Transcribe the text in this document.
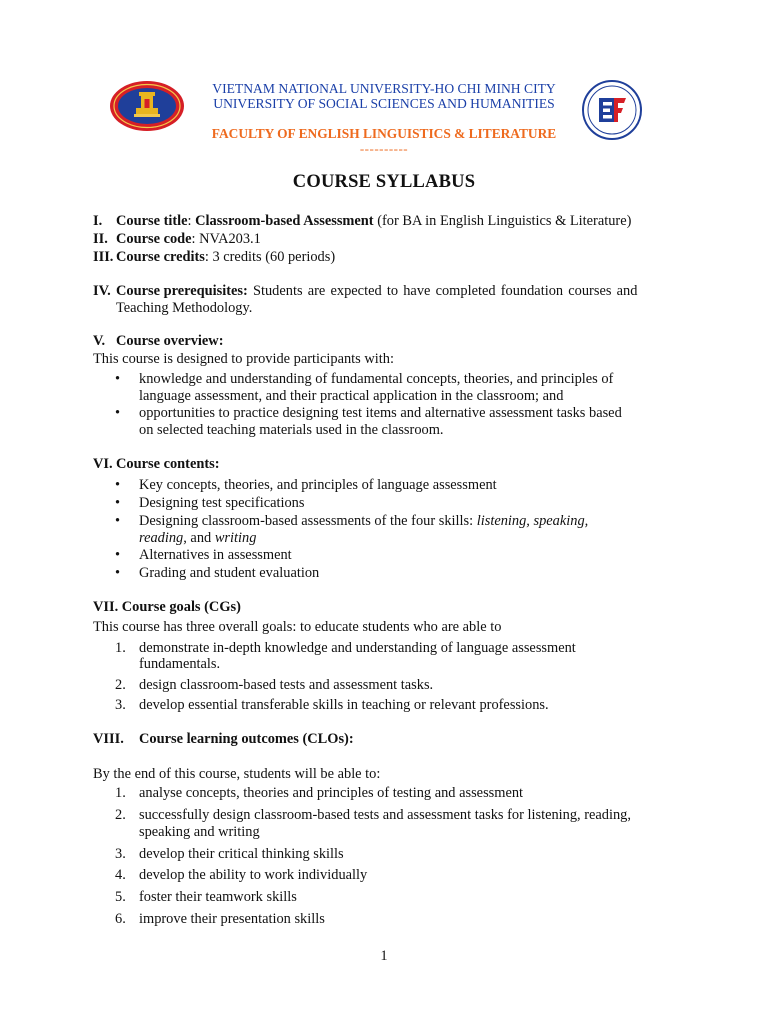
VIETNAM NATIONAL UNIVERSITY-HO CHI MINH CITY
UNIVERSITY OF SOCIAL SCIENCES AND HUMANITIES
FACULTY OF ENGLISH LINGUISTICS & LITERATURE
----------
COURSE SYLLABUS
I. Course title: Classroom-based Assessment (for BA in English Linguistics & Literature)
II. Course code: NVA203.1
III. Course credits: 3 credits (60 periods)
IV. Course prerequisites: Students are expected to have completed foundation courses and
Teaching Methodology.
V. Course overview:
This course is designed to provide participants with:
knowledge and understanding of fundamental concepts, theories, and principles of
language assessment, and their practical application in the classroom; and
opportunities to practice designing test items and alternative assessment tasks based
on selected teaching materials used in the classroom.
VI. Course contents:
Key concepts, theories, and principles of language assessment
Designing test specifications
Designing classroom-based assessments of the four skills: listening, speaking,
reading, and writing
Alternatives in assessment
Grading and student evaluation
VII. Course goals (CGs)
This course has three overall goals: to educate students who are able to
1. demonstrate in-depth knowledge and understanding of language assessment
fundamentals.
2. design classroom-based tests and assessment tasks.
3. develop essential transferable skills in teaching or relevant professions.
VIII. Course learning outcomes (CLOs):
By the end of this course, students will be able to:
1. analyse concepts, theories and principles of testing and assessment
2. successfully design classroom-based tests and assessment tasks for listening, reading,
speaking and writing
3. develop their critical thinking skills
4. develop the ability to work individually
5. foster their teamwork skills
6. improve their presentation skills
1
